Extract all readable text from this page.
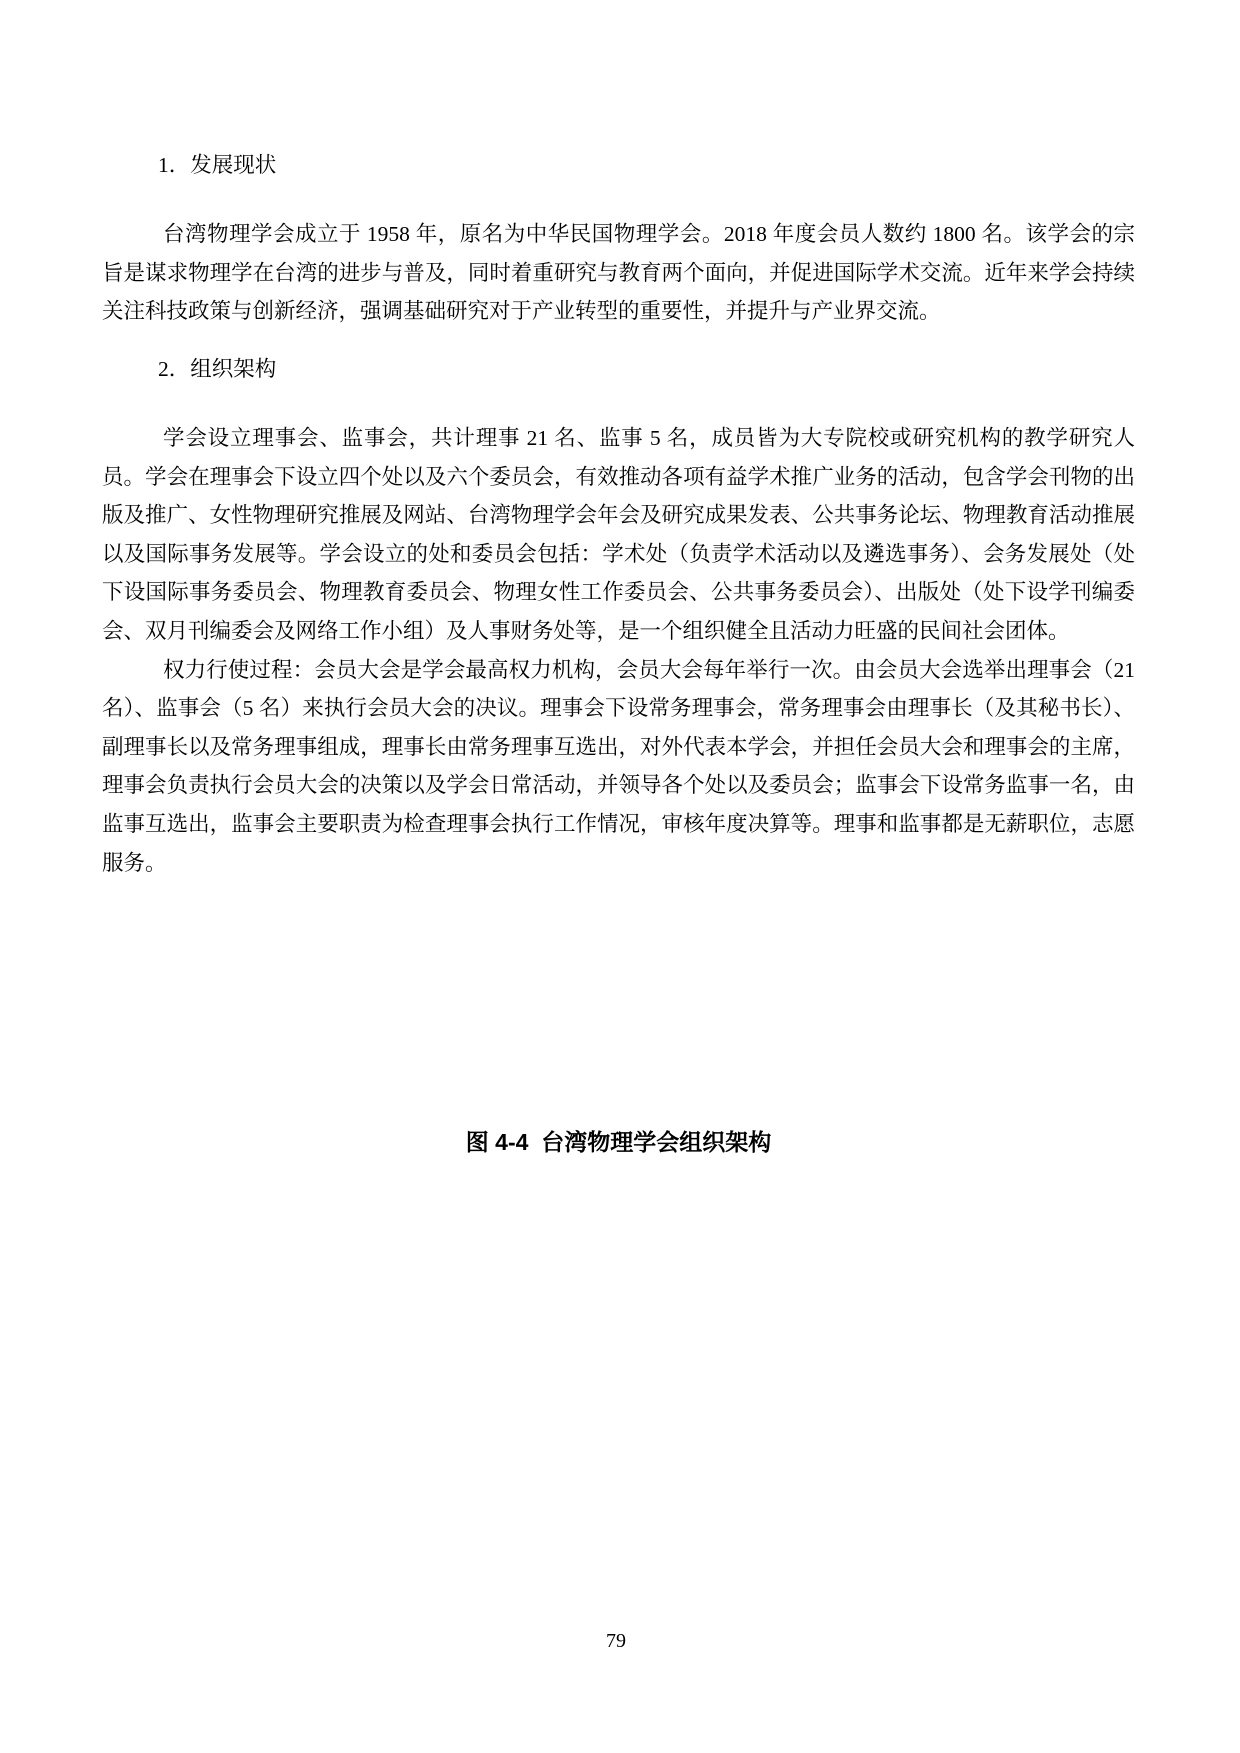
1．发展现状

台湾物理学会成立于 1958 年，原名为中华民国物理学会。2018 年度会员人数约 1800 名。该学会的宗旨是谋求物理学在台湾的进步与普及，同时着重研究与教育两个面向，并促进国际学术交流。近年来学会持续关注科技政策与创新经济，强调基础研究对于产业转型的重要性，并提升与产业界交流。

2．组织架构

学会设立理事会、监事会，共计理事 21 名、监事 5 名，成员皆为大专院校或研究机构的教学研究人员。学会在理事会下设立四个处以及六个委员会，有效推动各项有益学术推广业务的活动，包含学会刊物的出版及推广、女性物理研究推展及网站、台湾物理学会年会及研究成果发表、公共事务论坛、物理教育活动推展以及国际事务发展等。学会设立的处和委员会包括：学术处（负责学术活动以及遴选事务）、会务发展处（处下设国际事务委员会、物理教育委员会、物理女性工作委员会、公共事务委员会）、出版处（处下设学刊编委会、双月刊编委会及网络工作小组）及人事财务处等，是一个组织健全且活动力旺盛的民间社会团体。

权力行使过程：会员大会是学会最高权力机构，会员大会每年举行一次。由会员大会选举出理事会（21 名）、监事会（5 名）来执行会员大会的决议。理事会下设常务理事会，常务理事会由理事长（及其秘书长）、副理事长以及常务理事组成，理事长由常务理事互选出，对外代表本学会，并担任会员大会和理事会的主席，理事会负责执行会员大会的决策以及学会日常活动，并领导各个处以及委员会；监事会下设常务监事一名，由监事互选出，监事会主要职责为检查理事会执行工作情况，审核年度决算等。理事和监事都是无薪职位，志愿服务。

图 4-4  台湾物理学会组织架构
79
